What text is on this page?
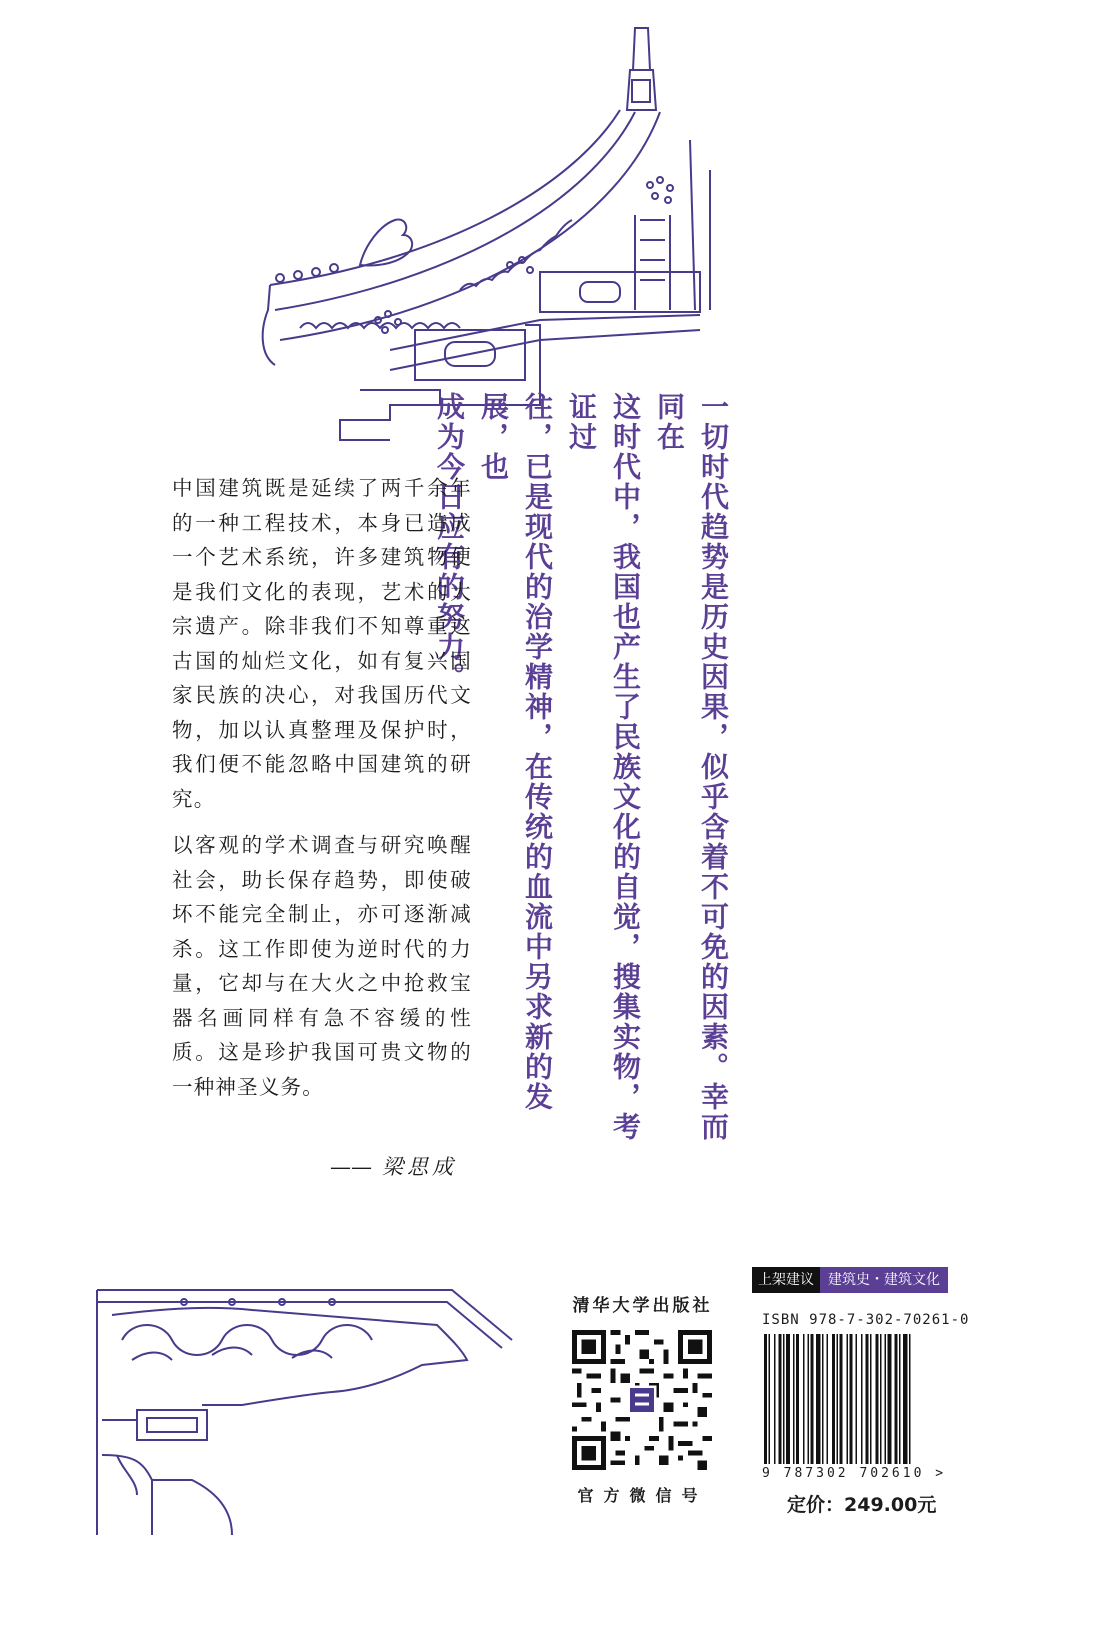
一切时代趋势是历史因果，似乎含着不可免的因素。幸而同在
这时代中，我国也产生了民族文化的自觉，搜集实物，考证过
往，已是现代的治学精神，在传统的血流中另求新的发展，也
成为今日应有的努力。
中国建筑既是延续了两千余年的一种工程技术，本身已造成一个艺术系统，许多建筑物便是我们文化的表现，艺术的大宗遗产。除非我们不知尊重这古国的灿烂文化，如有复兴国家民族的决心，对我国历代文物，加以认真整理及保护时，我们便不能忽略中国建筑的研究。
以客观的学术调查与研究唤醒社会，助长保存趋势，即使破坏不能完全制止，亦可逐渐减杀。这工作即使为逆时代的力量，它却与在大火之中抢救宝器名画同样有急不容缓的性质。这是珍护我国可贵文物的一种神圣义务。
—— 梁思成
清华大学出版社
官方微信号
上架建议	建筑史・建筑文化
ISBN 978-7-302-70261-0
9 787302 702610 >
定价：249.00元
